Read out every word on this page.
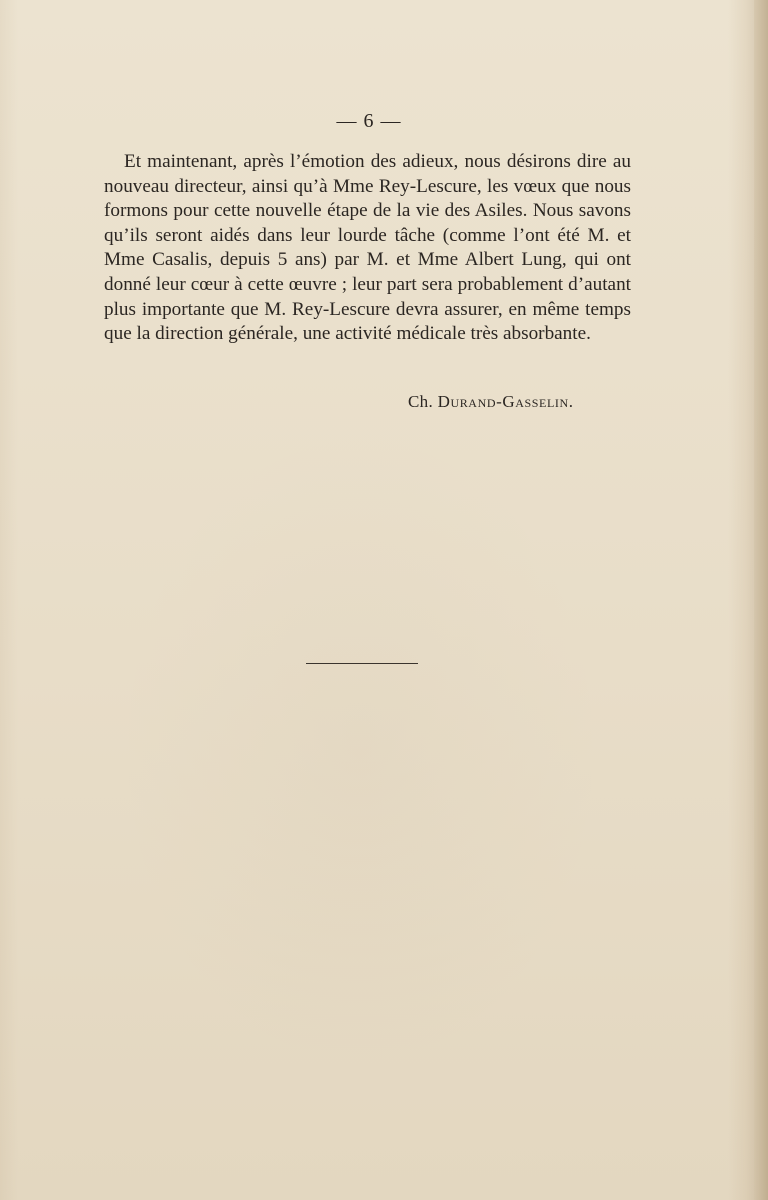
— 6 —

Et maintenant, après l’émotion des adieux, nous désirons dire au nouveau directeur, ainsi qu’à Mme Rey-Lescure, les vœux que nous formons pour cette nouvelle étape de la vie des Asiles. Nous savons qu’ils seront aidés dans leur lourde tâche (comme l’ont été M. et Mme Casalis, depuis 5 ans) par M. et Mme Albert Lung, qui ont donné leur cœur à cette œuvre ; leur part sera probablement d’autant plus importante que M. Rey-Lescure devra assurer, en même temps que la direction générale, une activité médicale très absorbante.

Ch. Durand-Gasselin.
